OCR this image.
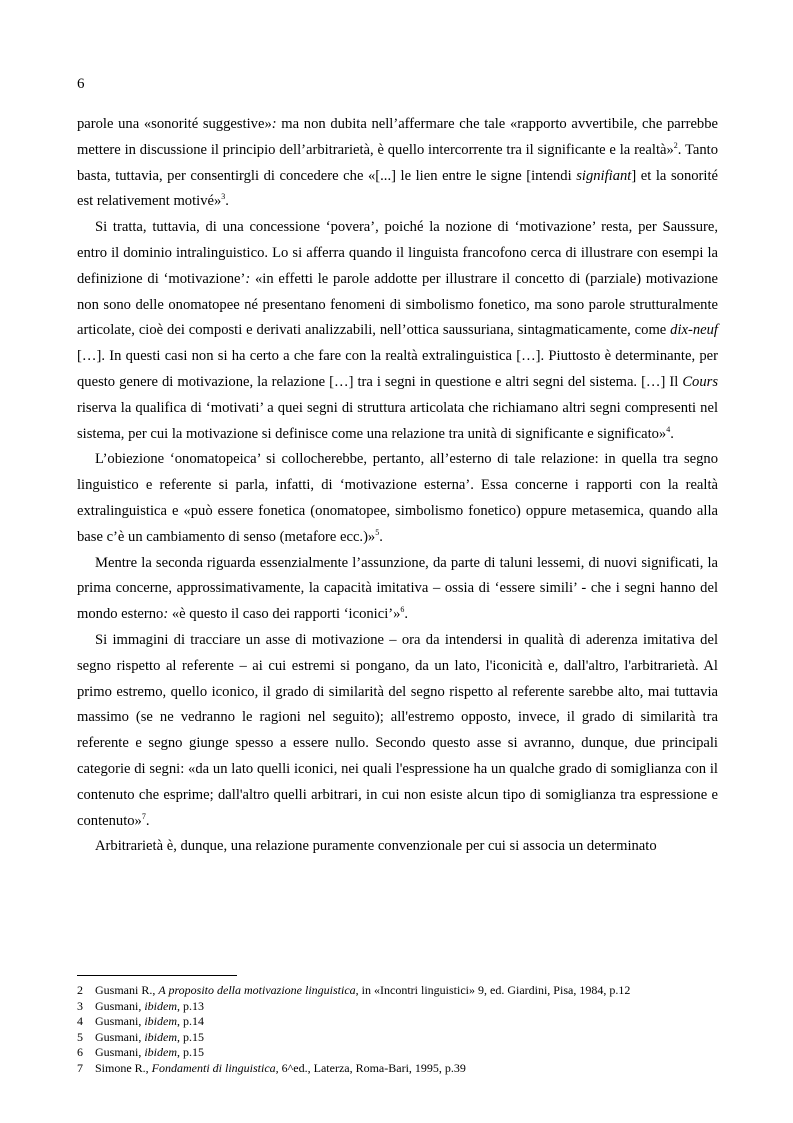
6

parole una «sonorité suggestive»: ma non dubita nell’affermare che tale «rapporto avvertibile, che parrebbe mettere in discussione il principio dell’arbitrarietà, è quello intercorrente tra il significante e la realtà»$^2$. Tanto basta, tuttavia, per consentirgli di concedere che «[...] le lien entre le signe [intendi signifiant] et la sonorité est relativement motivé»$^3$.

Si tratta, tuttavia, di una concessione ‘povera’, poiché la nozione di ‘motivazione’ resta, per Saussure, entro il dominio intralinguistico. Lo si afferra quando il linguista francofono cerca di illustrare con esempi la definizione di ‘motivazione’: «in effetti le parole addotte per illustrare il concetto di (parziale) motivazione non sono delle onomatopee né presentano fenomeni di simbolismo fonetico, ma sono parole strutturalmente articolate, cioè dei composti e derivati analizzabili, nell’ottica saussuriana, sintagmaticamente, come dix-neuf […]. In questi casi non si ha certo a che fare con la realtà extralinguistica […]. Piuttosto è determinante, per questo genere di motivazione, la relazione […] tra i segni in questione e altri segni del sistema. […] Il Cours riserva la qualifica di ‘motivati’ a quei segni di struttura articolata che richiamano altri segni compresenti nel sistema, per cui la motivazione si definisce come una relazione tra unità di significante e significato»$^4$.

L’obiezione ‘onomatopeica’ si collocherebbe, pertanto, all’esterno di tale relazione: in quella tra segno linguistico e referente si parla, infatti, di ‘motivazione esterna’. Essa concerne i rapporti con la realtà extralinguistica e «può essere fonetica (onomatopee, simbolismo fonetico) oppure metasemica, quando alla base c’è un cambiamento di senso (metafore ecc.)»$^5$.

Mentre la seconda riguarda essenzialmente l’assunzione, da parte di taluni lessemi, di nuovi significati, la prima concerne, approssimativamente, la capacità imitativa – ossia di ‘essere simili’ - che i segni hanno del mondo esterno: «è questo il caso dei rapporti ‘iconici’»$^6$.

Si immagini di tracciare un asse di motivazione – ora da intendersi in qualità di aderenza imitativa del segno rispetto al referente – ai cui estremi si pongano, da un lato, l'iconicità e, dall'altro, l'arbitrarietà. Al primo estremo, quello iconico, il grado di similarità del segno rispetto al referente sarebbe alto, mai tuttavia massimo (se ne vedranno le ragioni nel seguito); all'estremo opposto, invece, il grado di similarità tra referente e segno giunge spesso a essere nullo. Secondo questo asse si avranno, dunque, due principali categorie di segni: «da un lato quelli iconici, nei quali l'espressione ha un qualche grado di somiglianza con il contenuto che esprime; dall'altro quelli arbitrari, in cui non esiste alcun tipo di somiglianza tra espressione e contenuto»$^7$.

Arbitrarietà è, dunque, una relazione puramente convenzionale per cui si associa un determinato

2	Gusmani R., A proposito della motivazione linguistica, in «Incontri linguistici» 9, ed. Giardini, Pisa, 1984, p.12
3	Gusmani, ibidem, p.13
4	Gusmani, ibidem, p.14
5	Gusmani, ibidem, p.15
6	Gusmani, ibidem, p.15
7	Simone R., Fondamenti di linguistica, 6^ed., Laterza, Roma-Bari, 1995, p.39
